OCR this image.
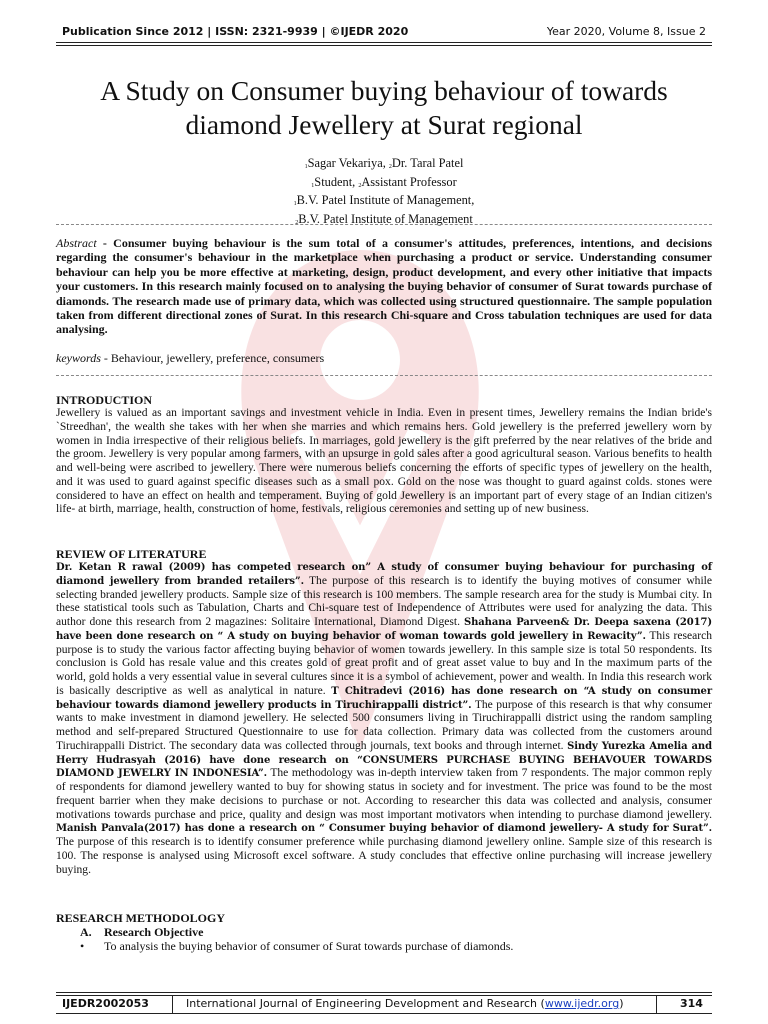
Publication Since 2012 | ISSN: 2321-9939 | ©IJEDR 2020	Year 2020, Volume 8, Issue 2
A Study on Consumer buying behaviour of towards
diamond Jewellery at Surat regional
$_1$Sagar Vekariya, $_2$Dr. Taral Patel
$_1$Student, $_2$Assistant Professor
$_1$B.V. Patel Institute of Management,
$_2$B.V. Patel Institute of Management
Abstract - Consumer buying behaviour is the sum total of a consumer's attitudes, preferences, intentions, and decisions regarding the consumer's behaviour in the marketplace when purchasing a product or service. Understanding consumer behaviour can help you be more effective at marketing, design, product development, and every other initiative that impacts your customers. In this research mainly focused on to analysing the buying behavior of consumer of Surat towards purchase of diamonds. The research made use of primary data, which was collected using structured questionnaire. The sample population taken from different directional zones of Surat. In this research Chi-square and Cross tabulation techniques are used for data analysing.
keywords - Behaviour, jewellery, preference, consumers
INTRODUCTION
Jewellery is valued as an important savings and investment vehicle in India. Even in present times, Jewellery remains the Indian bride's `Streedhan', the wealth she takes with her when she marries and which remains hers. Gold jewellery is the preferred jewellery worn by women in India irrespective of their religious beliefs. In marriages, gold jewellery is the gift preferred by the near relatives of the bride and the groom. Jewellery is very popular among farmers, with an upsurge in gold sales after a good agricultural season. Various benefits to health and well-being were ascribed to jewellery. There were numerous beliefs concerning the efforts of specific types of jewellery on the health, and it was used to guard against specific diseases such as a small pox. Gold on the nose was thought to guard against colds. stones were considered to have an effect on health and temperament. Buying of gold Jewellery is an important part of every stage of an Indian citizen's life- at birth, marriage, health, construction of home, festivals, religious ceremonies and setting up of new business.
REVIEW OF LITERATURE
Dr. Ketan R rawal (2009) has competed research on” A study of consumer buying behaviour for purchasing of diamond jewellery from branded retailers”. The purpose of this research is to identify the buying motives of consumer while selecting branded jewellery products. Sample size of this research is 100 members. The sample research area for the study is Mumbai city. In these statistical tools such as Tabulation, Charts and Chi-square test of Independence of Attributes were used for analyzing the data. This author done this research from 2 magazines: Solitaire International, Diamond Digest. Shahana Parveen& Dr. Deepa saxena (2017) have been done research on “ A study on buying behavior of woman towards gold jewellery in Rewacity”. This research purpose is to study the various factor affecting buying behavior of women towards jewellery. In this sample size is total 50 respondents. Its conclusion is Gold has resale value and this creates gold of great profit and of great asset value to buy and In the maximum parts of the world, gold holds a very essential value in several cultures since it is a symbol of achievement, power and wealth. In India this research work is basically descriptive as well as analytical in nature. T Chitradevi (2016) has done research on “A study on consumer behaviour towards diamond jewellery products in Tiruchirappalli district”. The purpose of this research is that why consumer wants to make investment in diamond jewellery. He selected 500 consumers living in Tiruchirappalli district using the random sampling method and self-prepared Structured Questionnaire to use for data collection. Primary data was collected from the customers around Tiruchirappalli District. The secondary data was collected through journals, text books and through internet. Sindy Yurezka Amelia and Herry Hudrasyah (2016) have done research on “CONSUMERS PURCHASE BUYING BEHAVOUER TOWARDS DIAMOND JEWELRY IN INDONESIA”. The methodology was in-depth interview taken from 7 respondents. The major common reply of respondents for diamond jewellery wanted to buy for showing status in society and for investment. The price was found to be the most frequent barrier when they make decisions to purchase or not. According to researcher this data was collected and analysis, consumer motivations towards purchase and price, quality and design was most important motivators when intending to purchase diamond jewellery. Manish Panvala(2017) has done a research on “ Consumer buying behavior of diamond jewellery- A study for Surat”. The purpose of this research is to identify consumer preference while purchasing diamond jewellery online. Sample size of this research is 100. The response is analysed using Microsoft excel software. A study concludes that effective online purchasing will increase jewellery buying.
RESEARCH METHODOLOGY
A. Research Objective
• To analysis the buying behavior of consumer of Surat towards purchase of diamonds.
IJEDR2002053	International Journal of Engineering Development and Research (www.ijedr.org)	314
